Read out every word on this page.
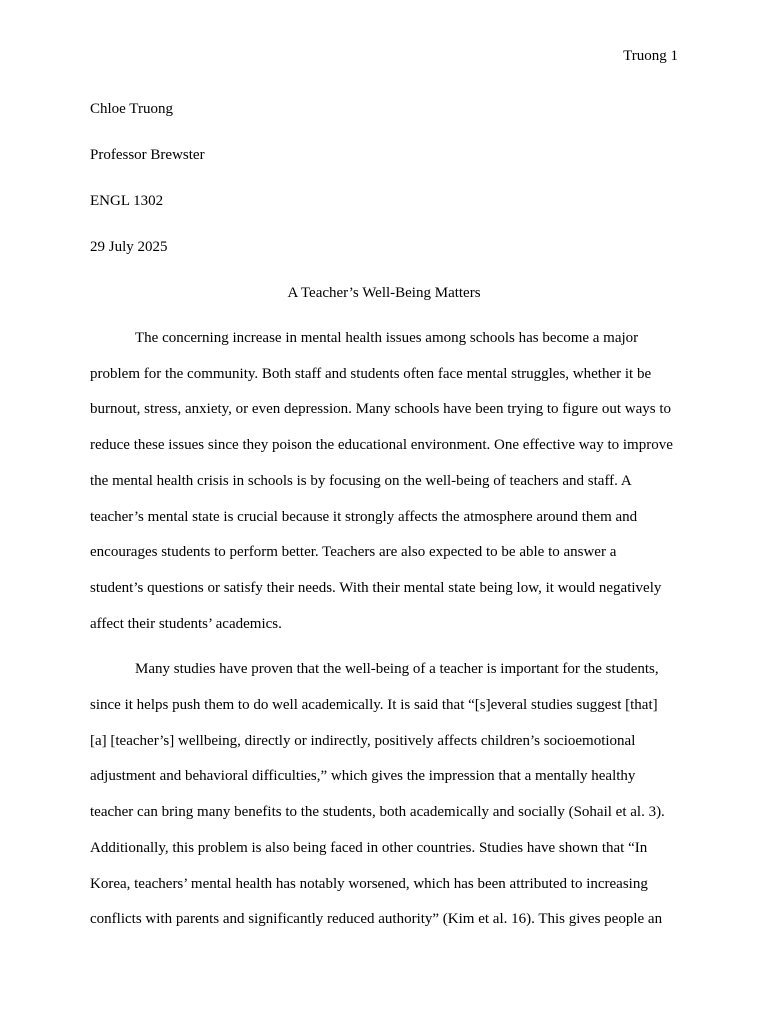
Truong 1
Chloe Truong
Professor Brewster
ENGL 1302
29 July 2025
A Teacher’s Well-Being Matters

The concerning increase in mental health issues among schools has become a major
problem for the community. Both staff and students often face mental struggles, whether it be
burnout, stress, anxiety, or even depression. Many schools have been trying to figure out ways to
reduce these issues since they poison the educational environment. One effective way to improve
the mental health crisis in schools is by focusing on the well-being of teachers and staff. A
teacher’s mental state is crucial because it strongly affects the atmosphere around them and
encourages students to perform better. Teachers are also expected to be able to answer a
student’s questions or satisfy their needs. With their mental state being low, it would negatively
affect their students’ academics.

Many studies have proven that the well-being of a teacher is important for the students,
since it helps push them to do well academically. It is said that “[s]everal studies suggest [that]
[a] [teacher’s] wellbeing, directly or indirectly, positively affects children’s socioemotional
adjustment and behavioral difficulties,” which gives the impression that a mentally healthy
teacher can bring many benefits to the students, both academically and socially (Sohail et al. 3).
Additionally, this problem is also being faced in other countries. Studies have shown that “In
Korea, teachers’ mental health has notably worsened, which has been attributed to increasing
conflicts with parents and significantly reduced authority” (Kim et al. 16). This gives people an
